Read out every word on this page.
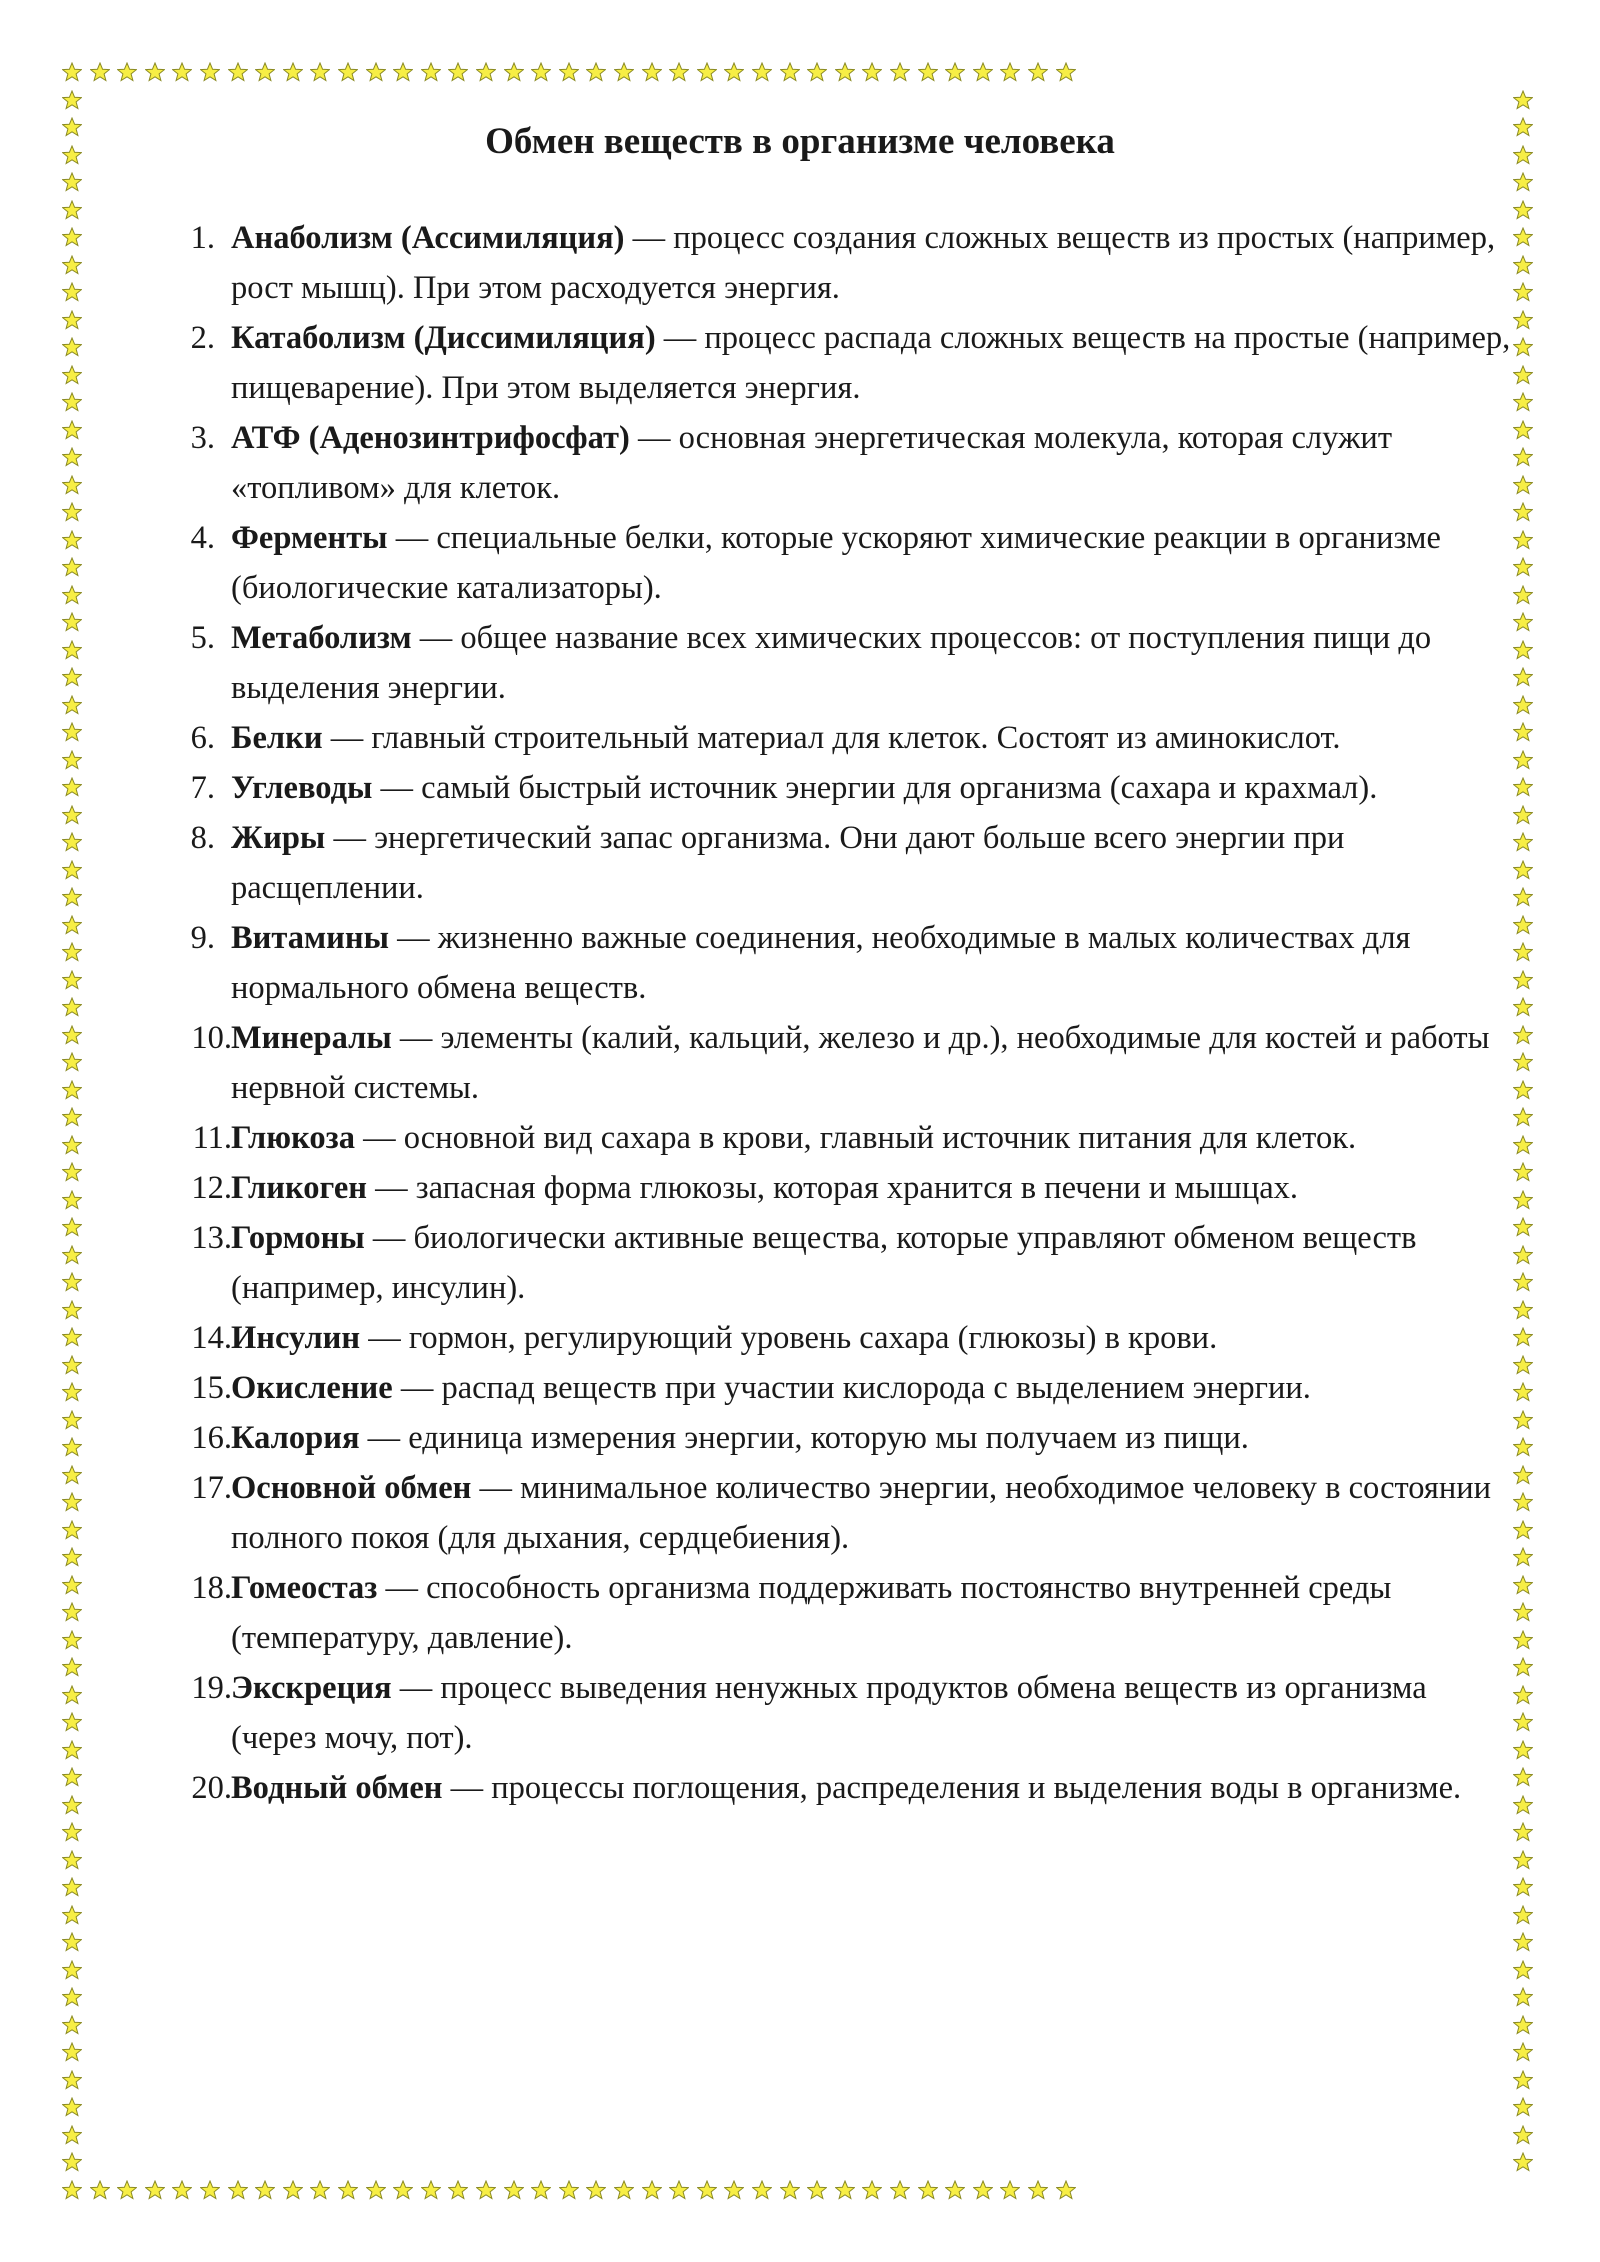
Обмен веществ в организме человека
1. Анаболизм (Ассимиляция) — процесс создания сложных веществ из простых (например, рост мышц). При этом расходуется энергия.
2. Катаболизм (Диссимиляция) — процесс распада сложных веществ на простые (например, пищеварение). При этом выделяется энергия.
3. АТФ (Аденозинтрифосфат) — основная энергетическая молекула, которая служит «топливом» для клеток.
4. Ферменты — специальные белки, которые ускоряют химические реакции в организме (биологические катализаторы).
5. Метаболизм — общее название всех химических процессов: от поступления пищи до выделения энергии.
6. Белки — главный строительный материал для клеток. Состоят из аминокислот.
7. Углеводы — самый быстрый источник энергии для организма (сахара и крахмал).
8. Жиры — энергетический запас организма. Они дают больше всего энергии при расщеплении.
9. Витамины — жизненно важные соединения, необходимые в малых количествах для нормального обмена веществ.
10. Минералы — элементы (калий, кальций, железо и др.), необходимые для костей и работы нервной системы.
11. Глюкоза — основной вид сахара в крови, главный источник питания для клеток.
12. Гликоген — запасная форма глюкозы, которая хранится в печени и мышцах.
13. Гормоны — биологически активные вещества, которые управляют обменом веществ (например, инсулин).
14. Инсулин — гормон, регулирующий уровень сахара (глюкозы) в крови.
15. Окисление — распад веществ при участии кислорода с выделением энергии.
16. Калория — единица измерения энергии, которую мы получаем из пищи.
17. Основной обмен — минимальное количество энергии, необходимое человеку в состоянии полного покоя (для дыхания, сердцебиения).
18. Гомеостаз — способность организма поддерживать постоянство внутренней среды (температуру, давление).
19. Экскреция — процесс выведения ненужных продуктов обмена веществ из организма (через мочу, пот).
20. Водный обмен — процессы поглощения, распределения и выделения воды в организме.
